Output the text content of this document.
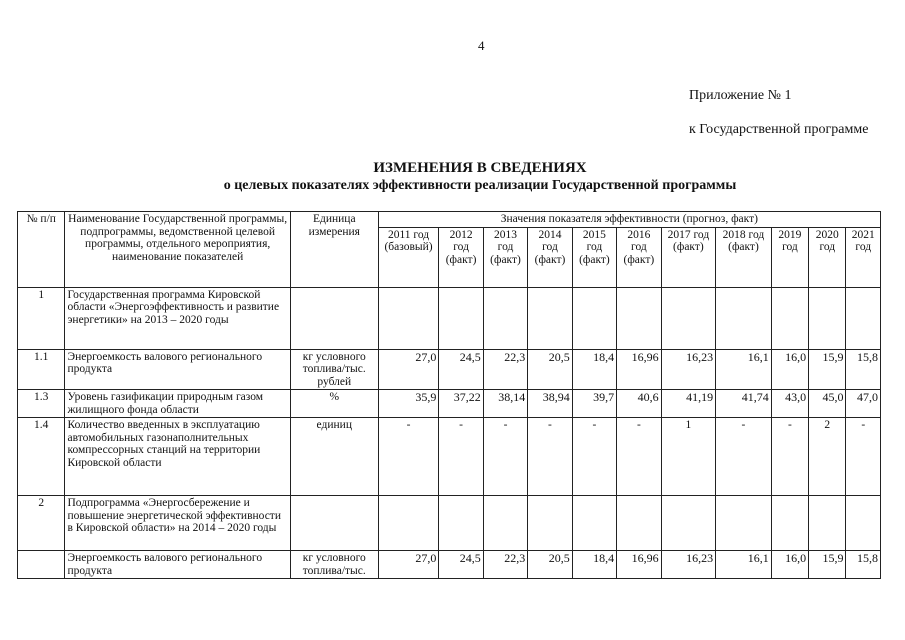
4
Приложение № 1
к Государственной программе
ИЗМЕНЕНИЯ В СВЕДЕНИЯХ
о целевых показателях эффективности реализации Государственной программы
№ п/п	Наименование Государственной программы, подпрограммы, ведомственной целевой программы, отдельного мероприятия, наименование показателей	Единица измерения	Значения показателя эффективности (прогноз, факт)										
			2011 год (базовый)	2012 год (факт)	2013 год (факт)	2014 год (факт)	2015 год (факт)	2016 год (факт)	2017 год (факт)	2018 год (факт)	2019 год	2020 год	2021 год
1	Государственная программа Кировской области «Энергоэффективность и развитие энергетики» на 2013 – 2020 годы												
1.1	Энергоемкость валового регионального продукта	кг условного топлива/тыс. рублей	27,0	24,5	22,3	20,5	18,4	16,96	16,23	16,1	16,0	15,9	15,8
1.3	Уровень газификации природным газом жилищного фонда области	%	35,9	37,22	38,14	38,94	39,7	40,6	41,19	41,74	43,0	45,0	47,0
1.4	Количество введенных в эксплуатацию автомобильных газонаполнительных компрессорных станций на территории Кировской области	единиц	-	-	-	-	-	-	1	-	-	2	-
2	Подпрограмма «Энергосбережение и повышение энергетической эффективности в Кировской области» на 2014 – 2020 годы												
	Энергоемкость валового регионального продукта	кг условного топлива/тыс.	27,0	24,5	22,3	20,5	18,4	16,96	16,23	16,1	16,0	15,9	15,8
